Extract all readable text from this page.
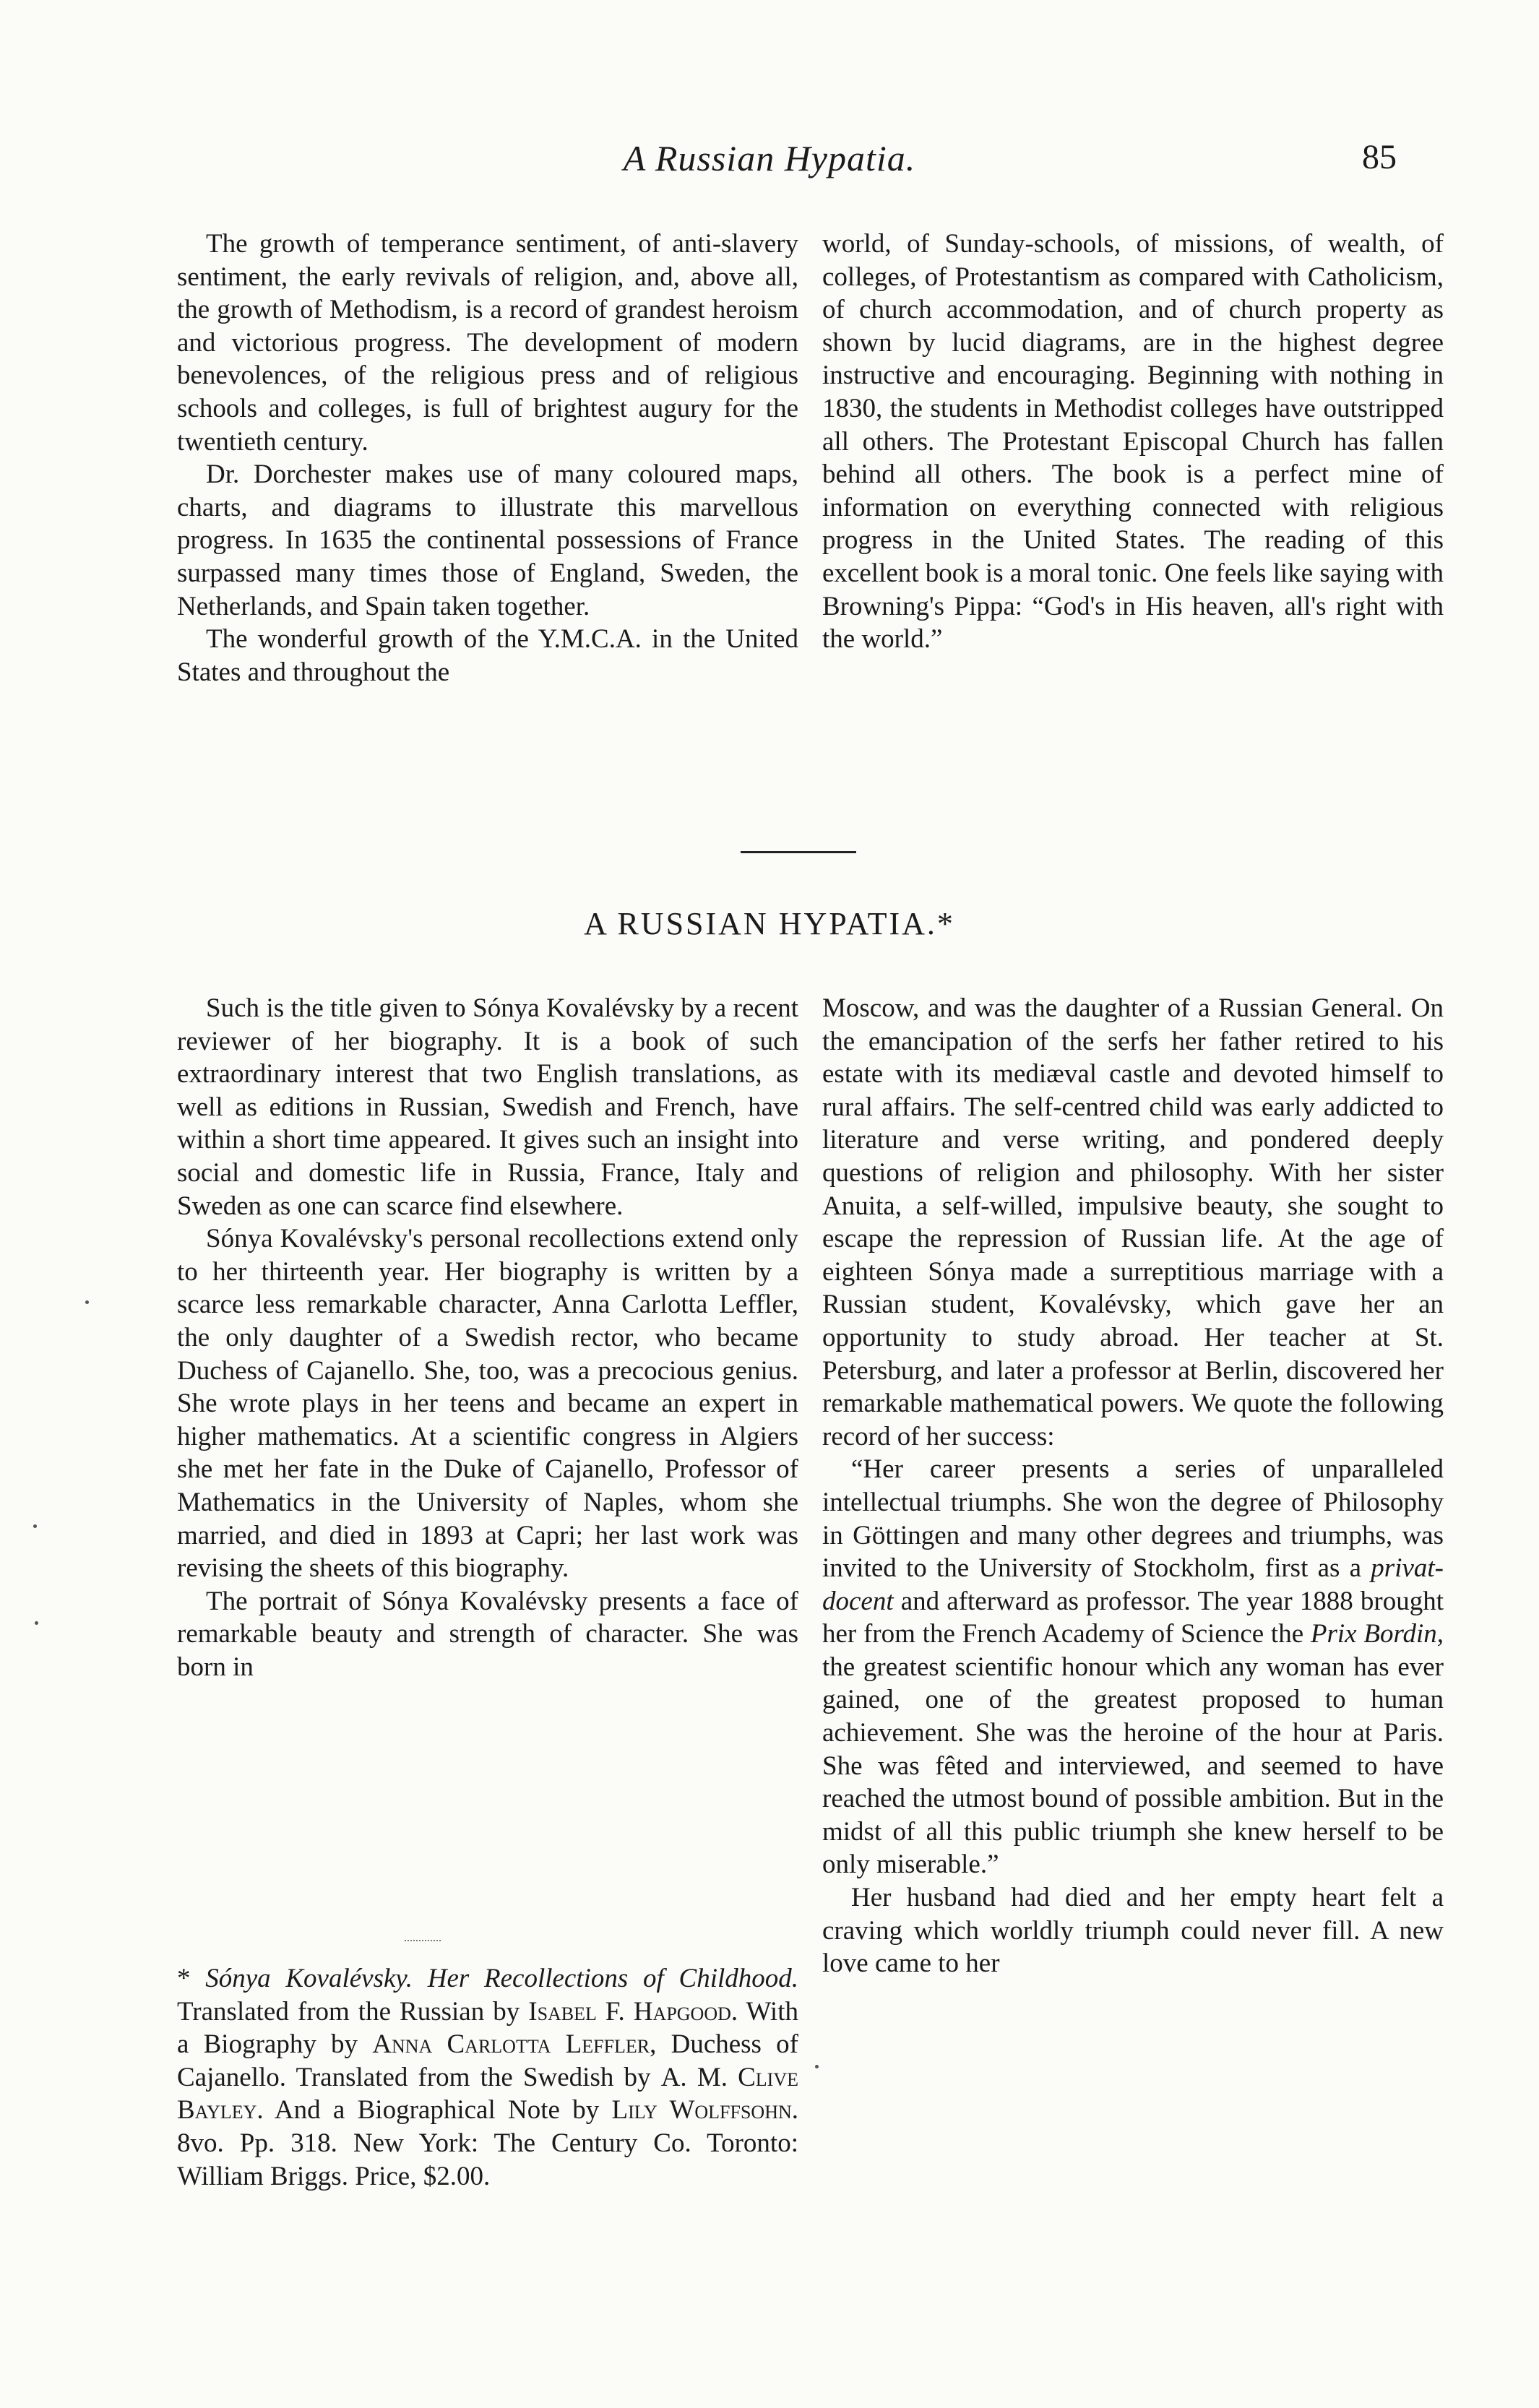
A Russian Hypatia.	85

The growth of temperance sentiment, of anti-slavery sentiment, the early revivals of religion, and, above all, the growth of Methodism, is a record of grandest heroism and victorious progress. The development of modern benevolences, of the religious press and of religious schools and colleges, is full of brightest augury for the twentieth century.

Dr. Dorchester makes use of many coloured maps, charts, and diagrams to illustrate this marvellous progress. In 1635 the continental possessions of France surpassed many times those of England, Sweden, the Netherlands, and Spain taken together.

The wonderful growth of the Y.M.C.A. in the United States and throughout the

world, of Sunday-schools, of missions, of wealth, of colleges, of Protestantism as compared with Catholicism, of church accommodation, and of church property as shown by lucid diagrams, are in the highest degree instructive and encouraging. Beginning with nothing in 1830, the students in Methodist colleges have outstripped all others. The Protestant Episcopal Church has fallen behind all others. The book is a perfect mine of information on everything connected with religious progress in the United States. The reading of this excellent book is a moral tonic. One feels like saying with Browning's Pippa: “God's in His heaven, all's right with the world.”

A RUSSIAN HYPATIA.*

Such is the title given to Sónya Kovalévsky by a recent reviewer of her biography. It is a book of such extraordinary interest that two English translations, as well as editions in Russian, Swedish and French, have within a short time appeared. It gives such an insight into social and domestic life in Russia, France, Italy and Sweden as one can scarce find elsewhere.

Sónya Kovalévsky's personal recollections extend only to her thirteenth year. Her biography is written by a scarce less remarkable character, Anna Carlotta Leffler, the only daughter of a Swedish rector, who became Duchess of Cajanello. She, too, was a precocious genius. She wrote plays in her teens and became an expert in higher mathematics. At a scientific congress in Algiers she met her fate in the Duke of Cajanello, Professor of Mathematics in the University of Naples, whom she married, and died in 1893 at Capri; her last work was revising the sheets of this biography.

The portrait of Sónya Kovalévsky presents a face of remarkable beauty and strength of character. She was born in

* Sónya Kovalévsky. Her Recollections of Childhood. Translated from the Russian by Isabel F. Hapgood. With a Biography by Anna Carlotta Leffler, Duchess of Cajanello. Translated from the Swedish by A. M. Clive Bayley. And a Biographical Note by Lily Wolffsohn. 8vo. Pp. 318. New York: The Century Co. Toronto: William Briggs. Price, $2.00.

Moscow, and was the daughter of a Russian General. On the emancipation of the serfs her father retired to his estate with its mediæval castle and devoted himself to rural affairs. The self-centred child was early addicted to literature and verse writing, and pondered deeply questions of religion and philosophy. With her sister Anuita, a self-willed, impulsive beauty, she sought to escape the repression of Russian life. At the age of eighteen Sónya made a surreptitious marriage with a Russian student, Kovalévsky, which gave her an opportunity to study abroad. Her teacher at St. Petersburg, and later a professor at Berlin, discovered her remarkable mathematical powers. We quote the following record of her success:

“Her career presents a series of unparalleled intellectual triumphs. She won the degree of Philosophy in Göttingen and many other degrees and triumphs, was invited to the University of Stockholm, first as a privat-docent and afterward as professor. The year 1888 brought her from the French Academy of Science the Prix Bordin, the greatest scientific honour which any woman has ever gained, one of the greatest proposed to human achievement. She was the heroine of the hour at Paris. She was fêted and interviewed, and seemed to have reached the utmost bound of possible ambition. But in the midst of all this public triumph she knew herself to be only miserable.”

Her husband had died and her empty heart felt a craving which worldly triumph could never fill. A new love came to her
